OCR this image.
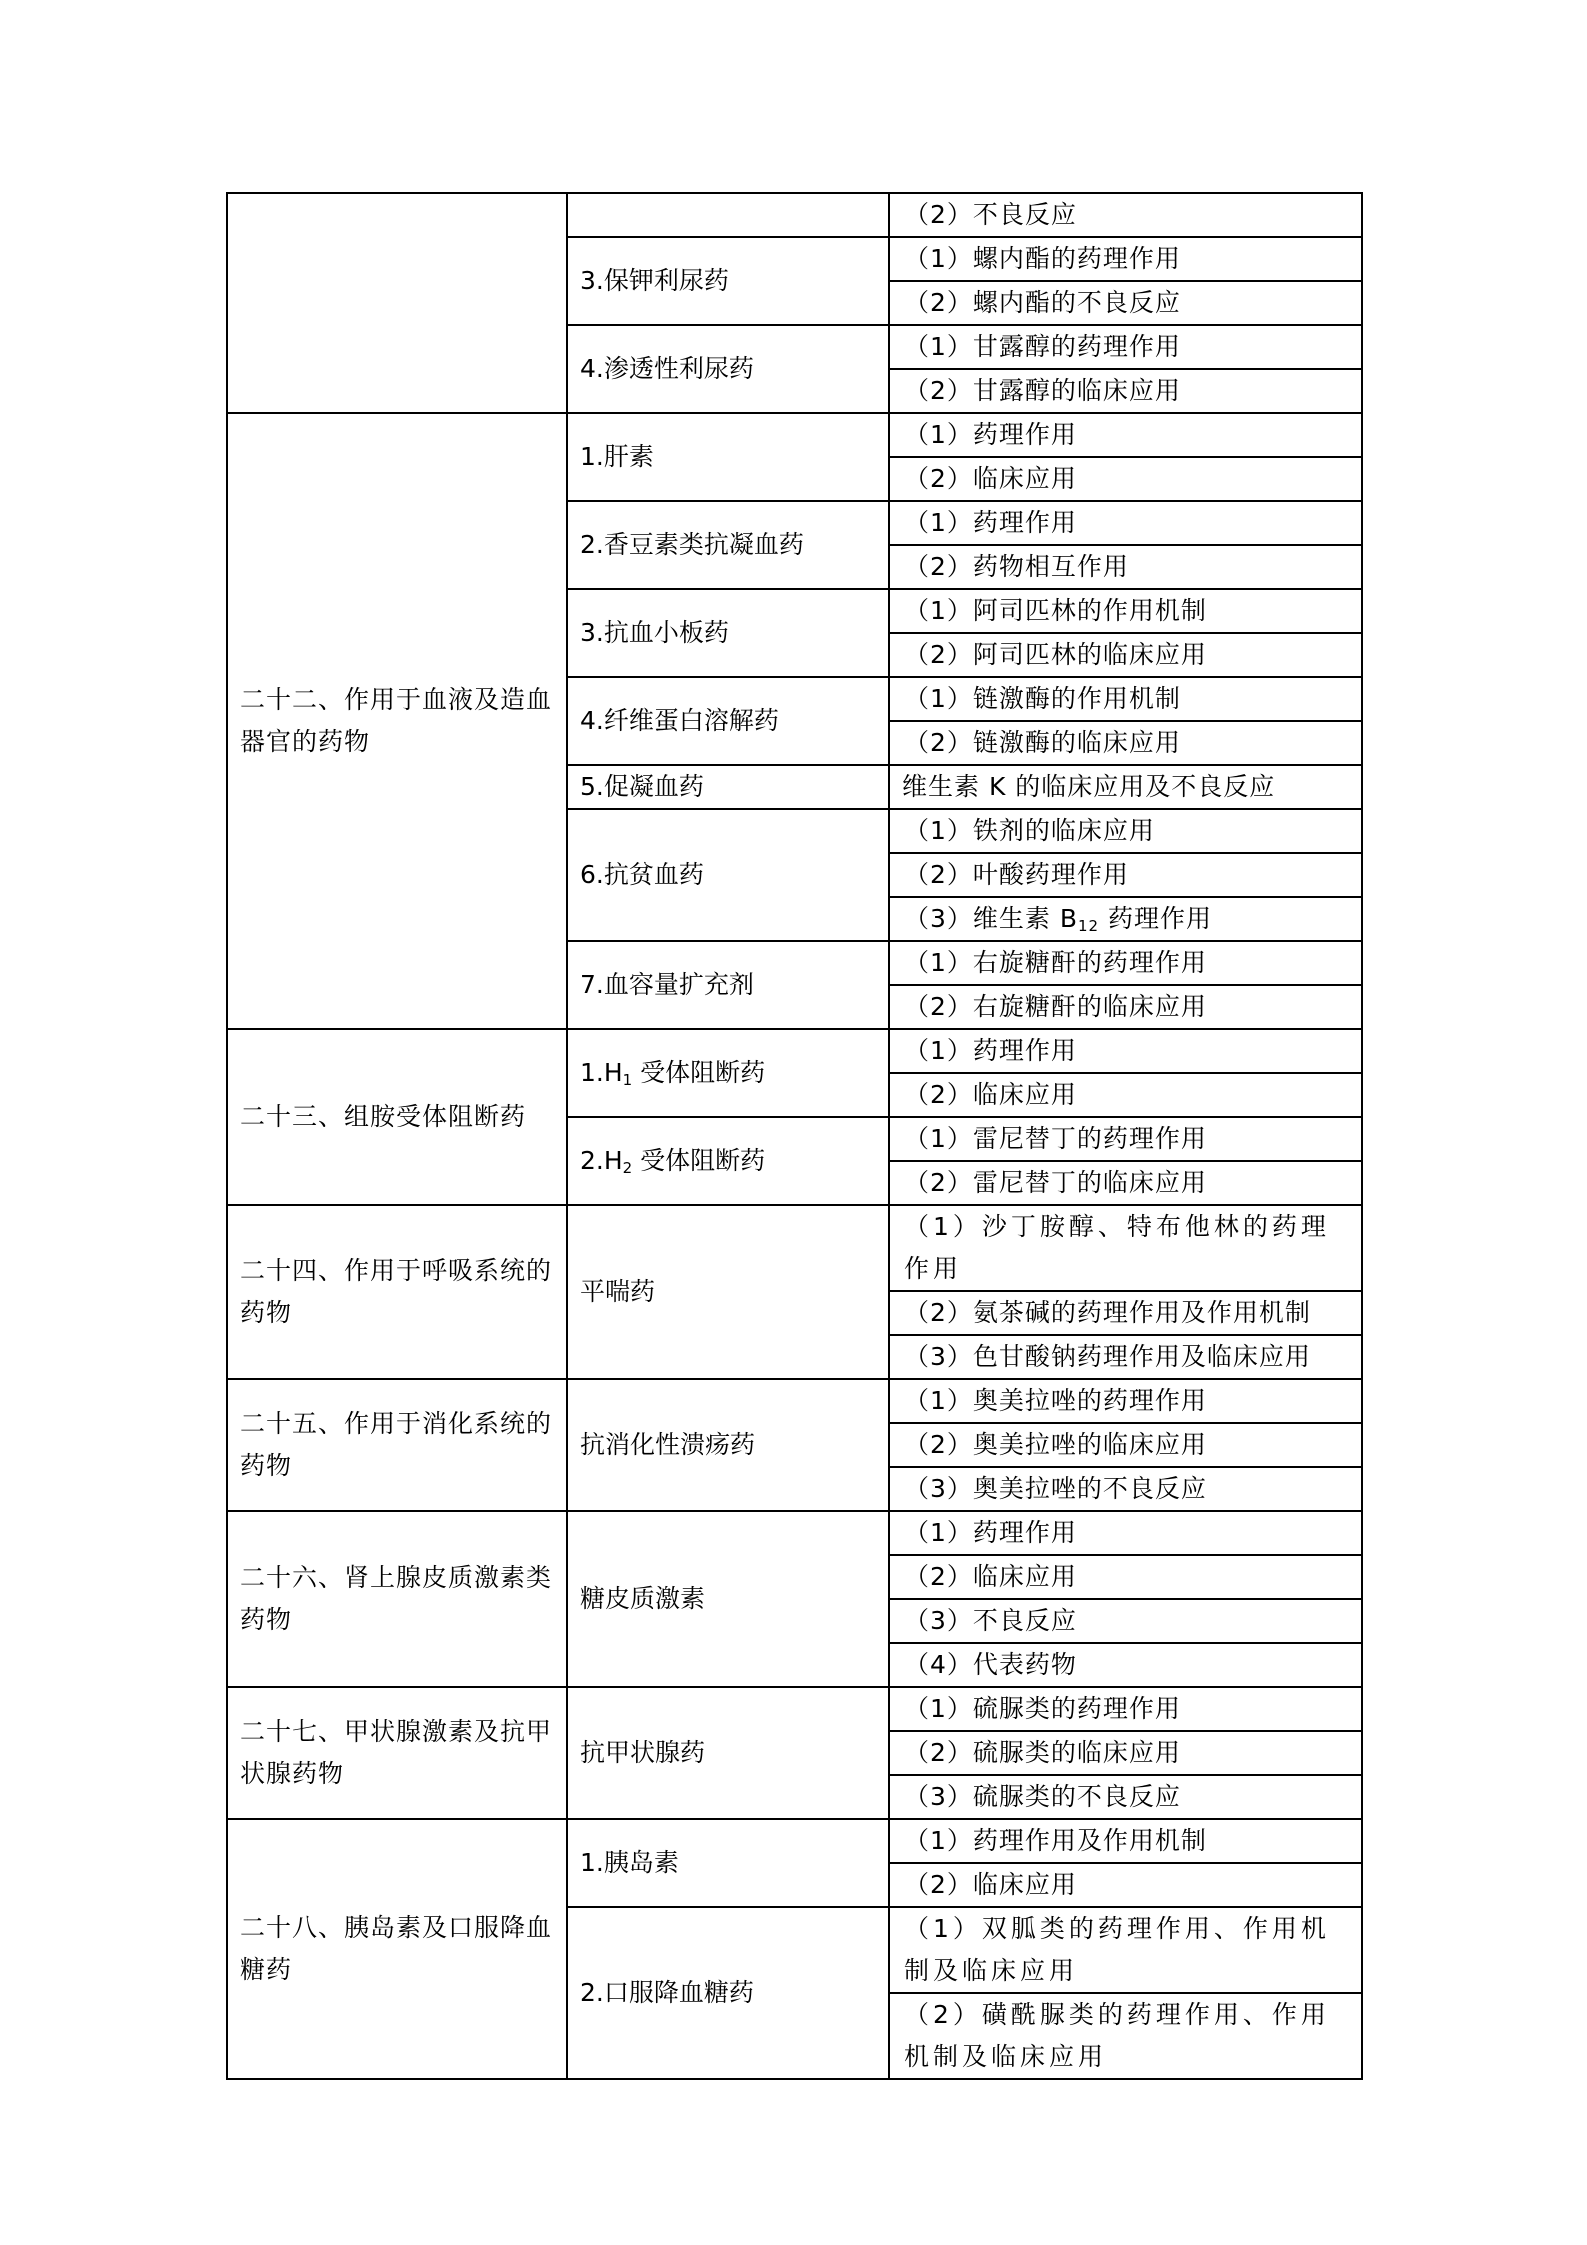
		（2）不良反应
	3.保钾利尿药	（1）螺内酯的药理作用
		（2）螺内酯的不良反应
	4.渗透性利尿药	（1）甘露醇的药理作用
		（2）甘露醇的临床应用
二十二、作用于血液及造血器官的药物	1.肝素	（1）药理作用
		（2）临床应用
	2.香豆素类抗凝血药	（1）药理作用
		（2）药物相互作用
	3.抗血小板药	（1）阿司匹林的作用机制
		（2）阿司匹林的临床应用
	4.纤维蛋白溶解药	（1）链激酶的作用机制
		（2）链激酶的临床应用
	5.促凝血药	维生素 K 的临床应用及不良反应
	6.抗贫血药	（1）铁剂的临床应用
		（2）叶酸药理作用
		（3）维生素 $B_{12}$ 药理作用
	7.血容量扩充剂	（1）右旋糖酐的药理作用
		（2）右旋糖酐的临床应用
二十三、组胺受体阻断药	$1.H_1$ 受体阻断药	（1）药理作用
		（2）临床应用
	$2.H_2$ 受体阻断药	（1）雷尼替丁的药理作用
		（2）雷尼替丁的临床应用
二十四、作用于呼吸系统的药物	平喘药	（1）沙丁胺醇、特布他林的药理作用
		（2）氨茶碱的药理作用及作用机制
		（3）色甘酸钠药理作用及临床应用
二十五、作用于消化系统的药物	抗消化性溃疡药	（1）奥美拉唑的药理作用
		（2）奥美拉唑的临床应用
		（3）奥美拉唑的不良反应
二十六、肾上腺皮质激素类药物	糖皮质激素	（1）药理作用
		（2）临床应用
		（3）不良反应
		（4）代表药物
二十七、甲状腺激素及抗甲状腺药物	抗甲状腺药	（1）硫脲类的药理作用
		（2）硫脲类的临床应用
		（3）硫脲类的不良反应
二十八、胰岛素及口服降血糖药	1.胰岛素	（1）药理作用及作用机制
		（2）临床应用
	2.口服降血糖药	（1）双胍类的药理作用、作用机制及临床应用
		（2）磺酰脲类的药理作用、作用机制及临床应用
